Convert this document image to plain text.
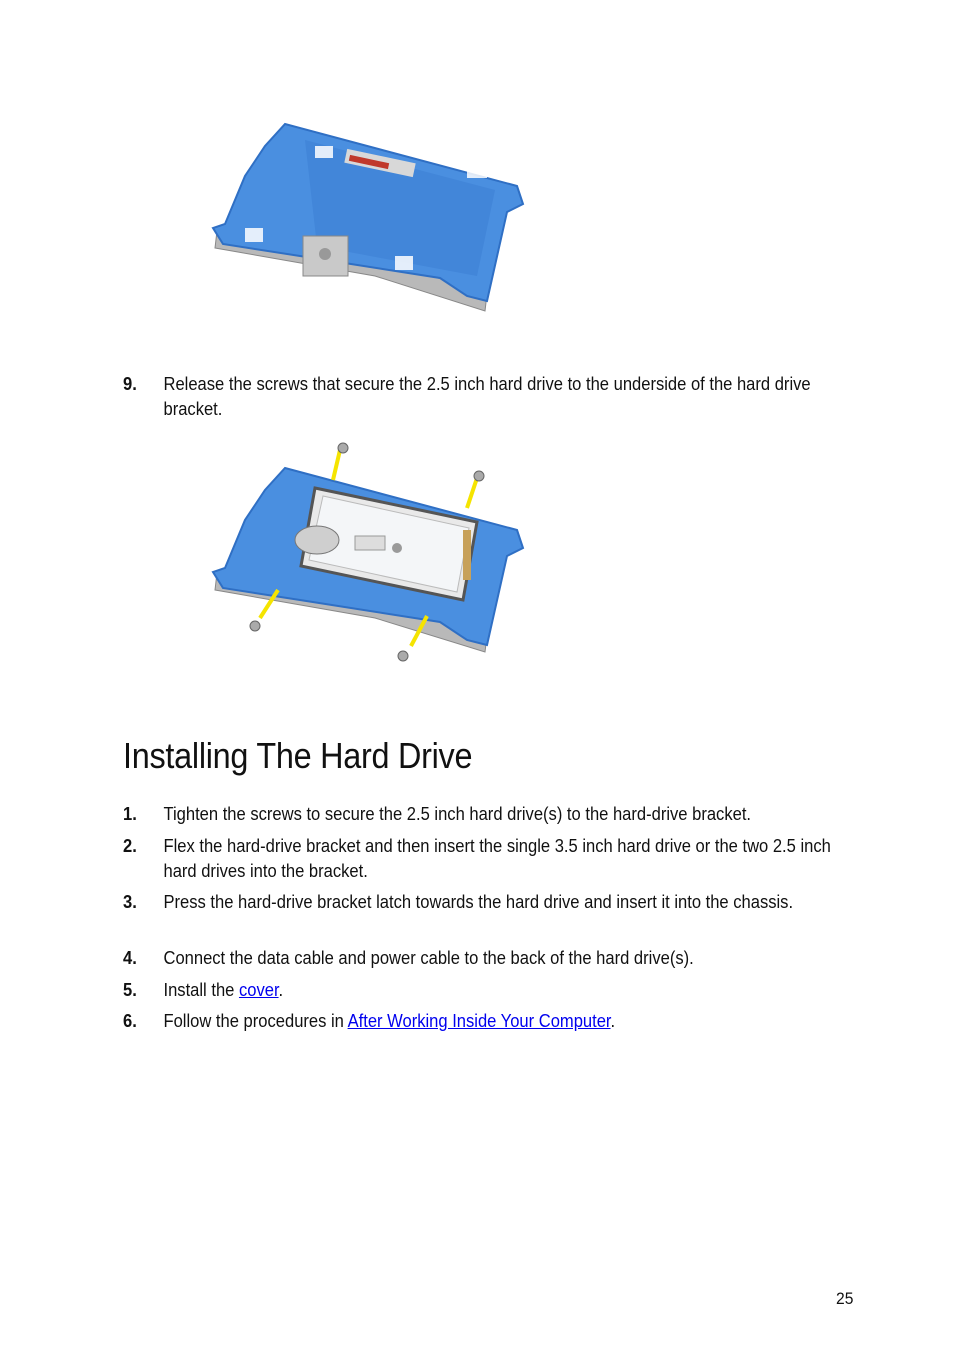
9. Release the screws that secure the 2.5 inch hard drive to the underside of the hard drive bracket.
Installing The Hard Drive
1. Tighten the screws to secure the 2.5 inch hard drive(s) to the hard-drive bracket.
2. Flex the hard-drive bracket and then insert the single 3.5 inch hard drive or the two 2.5 inch hard drives into the bracket.
3. Press the hard-drive bracket latch towards the hard drive and insert it into the chassis.
4. Connect the data cable and power cable to the back of the hard drive(s).
5. Install the cover.
6. Follow the procedures in After Working Inside Your Computer.
25
